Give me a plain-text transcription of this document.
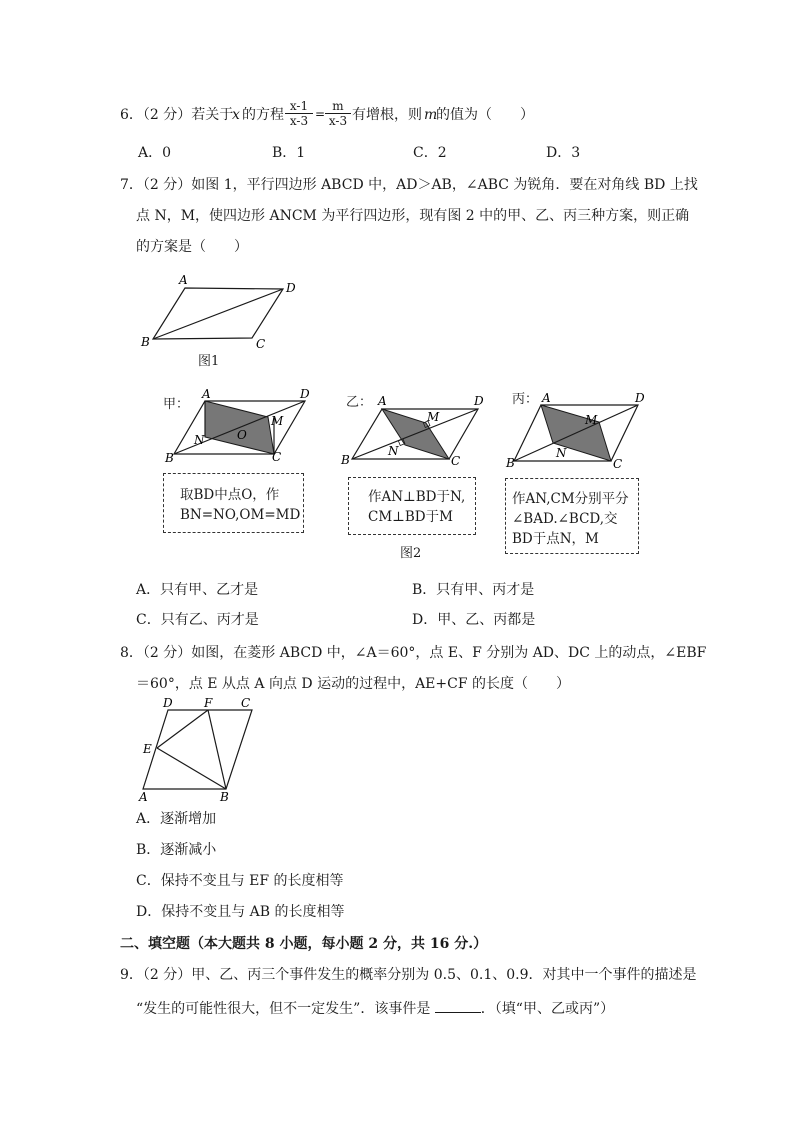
6．（2 分）若关于
x 的方程
x-1
x-3 =
m
x-3 有增根，则 m
的值为（　　）
A．0	B．1	C．2	D．3
7．（2 分）如图 1，平行四边形 ABCD 中，AD＞AB，∠ABC 为锐角．要在对角线 BD 上找
点 N，M，使四边形 ANCM 为平行四边形，现有图 2 中的甲、乙、丙三种方案，则正确
的方案是（　　）
A
D
B	C
图1
甲：
A	D
B	C
N	O
M
取BD中点O，作
BN=NO,OM=MD
乙： A	D
B	C
N
M
作AN⊥BD于N,
CM⊥BD于M
图2
丙： A	D
B	C
N
M
作AN,CM分别平分
∠BAD.∠BCD,交
BD于点N，M
A．只有甲、乙才是	B．只有甲、丙才是
C．只有乙、丙才是	D．甲、乙、丙都是
8．（2 分）如图，在菱形 ABCD 中，∠A＝60°，点 E、F 分别为 AD、DC 上的动点，∠EBF
＝60°，点 E 从点 A 向点 D 运动的过程中，AE+CF 的长度（　　）
D	F C
E
A	B
A．逐渐增加
B．逐渐减小
C．保持不变且与 EF 的长度相等
D．保持不变且与 AB 的长度相等
二、填空题（本大题共 8 小题，每小题 2 分，共 16 分.）
9．（2 分）甲、乙、丙三个事件发生的概率分别为 0.5、0.1、0.9．对其中一个事件的描述是
“发生的可能性很大，但不一定发生”．该事件是	．（填“甲、乙或丙”）
